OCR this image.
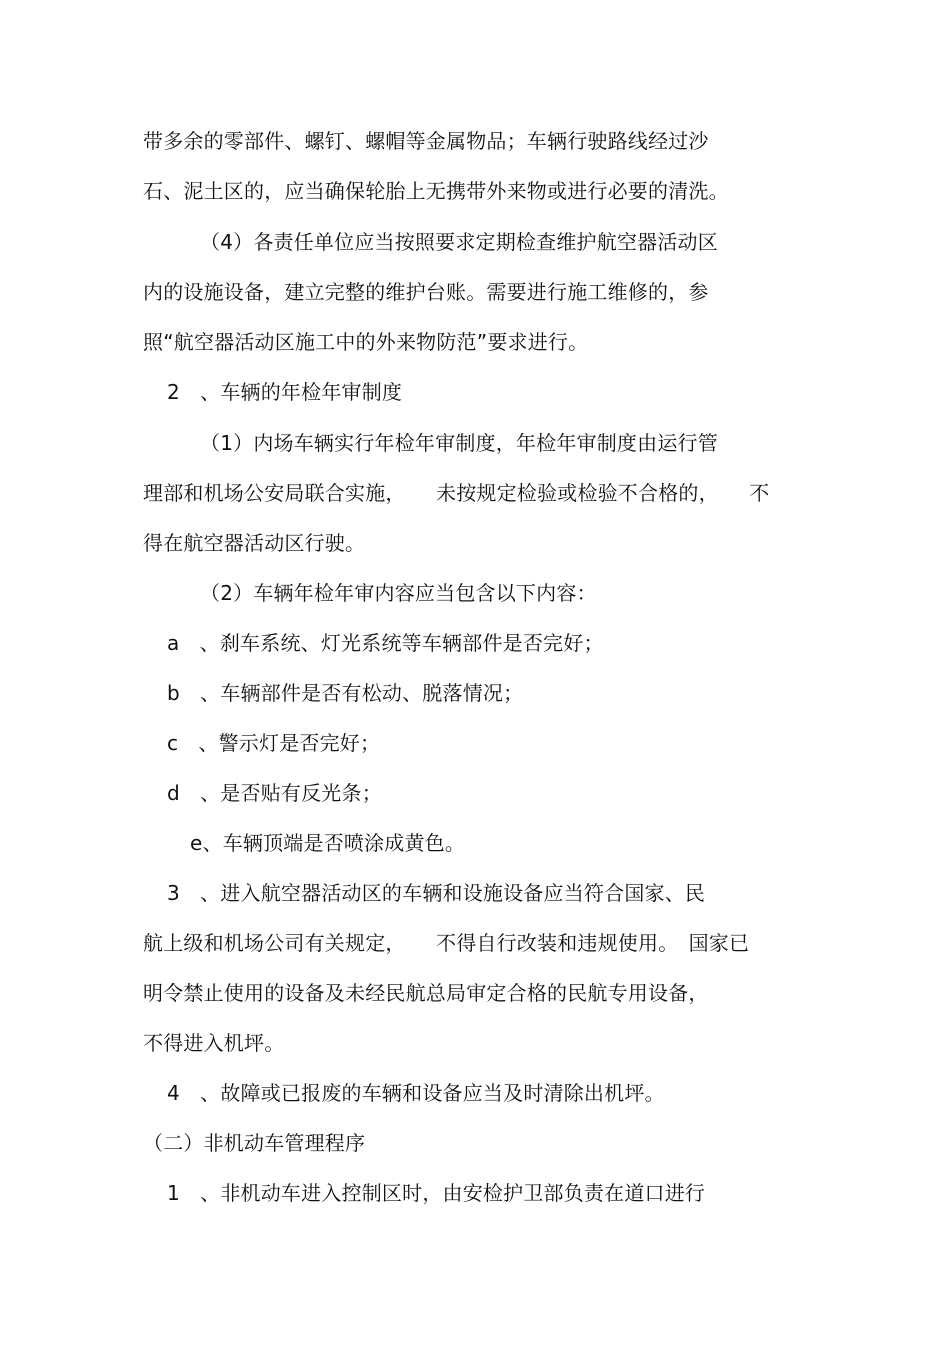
带多余的零部件、螺钉、螺帽等金属物品；车辆行驶路线经过沙
石、泥土区的，应当确保轮胎上无携带外来物或进行必要的清洗。
（4）各责任单位应当按照要求定期检查维护航空器活动区
内的设施设备，建立完整的维护台账。需要进行施工维修的，参
照“航空器活动区施工中的外来物防范”要求进行。
2　、车辆的年检年审制度
（1）内场车辆实行年检年审制度，年检年审制度由运行管
理部和机场公安局联合实施，　　未按规定检验或检验不合格的，　　不
得在航空器活动区行驶。
（2）车辆年检年审内容应当包含以下内容：
a　、刹车系统、灯光系统等车辆部件是否完好；
b　、车辆部件是否有松动、脱落情况；
c　、警示灯是否完好；
d　、是否贴有反光条；
e、车辆顶端是否喷涂成黄色。
3　、进入航空器活动区的车辆和设施设备应当符合国家、民
航上级和机场公司有关规定，　　不得自行改装和违规使用。　国家已
明令禁止使用的设备及未经民航总局审定合格的民航专用设备，
不得进入机坪。
4　、故障或已报废的车辆和设备应当及时清除出机坪。
（二）非机动车管理程序
1　、非机动车进入控制区时，由安检护卫部负责在道口进行
